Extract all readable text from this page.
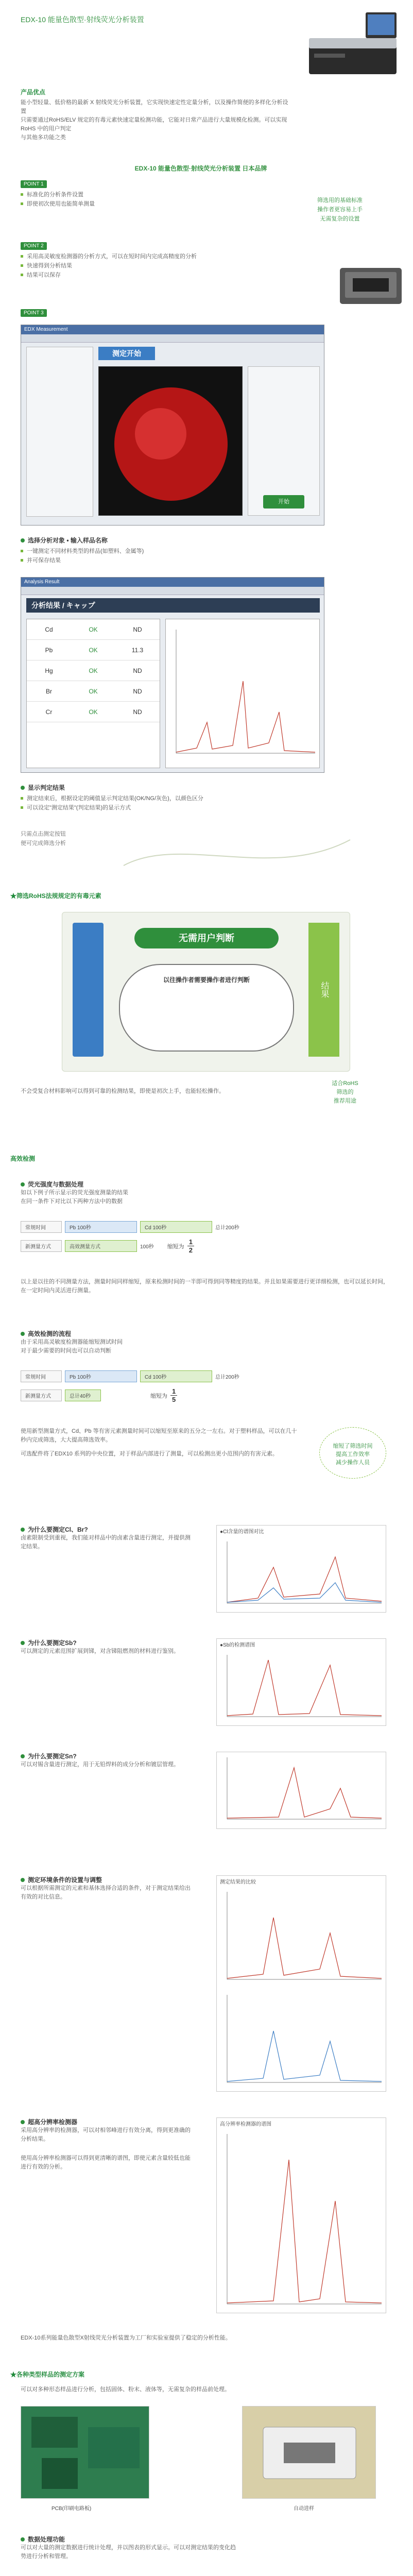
EDX-10 能量色散型·射线荧光分析装置
产品优点
能小型轻量、低价格的最新 X 射线荧光分析装置，它实现快速定性定量分析，以及操作简便的多样化分析设置
只需要通过RoHS/ELV 规定的有毒元素快速定量检测功能，它能对日常产品进行大量规模化检测。可以实现RoHS 中的用户判定
与其他多功能之类
EDX-10 能量色散型·射线荧光分析装置 日本品牌
筛选用的基础标准
操作者更容易上手
无需复杂的设置
POINT 1
标准化的分析条件设置
即使初次使用也能简单测量
POINT 2
采用高灵敏度检测器的分析方式，可以在短时间内完成高精度的分析
快速得到分析结果
结果可以保存
POINT 3
EDX Measurement
测定开始
开始
选择分析对象 • 输入样品名称
一键测定不同材料类型的样品(如塑料、金属等)
并可保存结果
Analysis Result
分析结果 / キャップ
Cd	OK	ND
Pb	OK	11.3
Hg	OK	ND
Br	OK	ND
Cr	OK	ND
显示判定结果
测定结束后，根据设定的阈值显示判定结果(OK/NG/灰色)，以颜色区分
可以设定"测定结果"(判定结果)的显示方式
只需点击测定按钮
便可完成筛选分析
★筛选RoHS法规规定的有毒元素
无需用户判断
以往操作者需要操作者进行判断
结果
不会受复合材料影响可以得到可靠的检测结果，即使是初次上手，也能轻松操作。
适合RoHS
筛选的
推荐用途
高效检测
荧光强度与数据处理
如以下例子所示显示的荧光强度测量的结果
在同一条件下对比以下两种方法中的数据
常规时间	Pb 100秒	Cd 100秒	总计200秒
新测量方式	高效测量方式	100秒 缩短为 $\frac{1}{2}$
以上是以往的不同测量方法，测量时间同样缩短，原来检测时间的一半即可得到同等精度的结果。并且如果需要进行更详细检测，也可以延长时间，在一定时间内灵活进行测量。
高效检测的流程
由于采用高灵敏度检测器能缩短测试时间
对于最少需要的时间也可以自动判断
常规时间	Pb 100秒	Cd 100秒	总计200秒
新测量方式	总计40秒	缩短为 $\frac{1}{5}$
使用新型测量方式，Cd、Pb 等有害元素测量时间可以缩短至原来的五分之一左右。对于塑料样品，可以在几十秒内完成筛选，大大提高筛选效率。
可选配件将了EDX10 系列的中央位置，对于样品内部进行了测量，可以检测出更小范围内的有害元素。
缩短了筛选时间
提高工作效率
减少操作人员
为什么要测定Cl、Br?
卤素限制受到重视，我们能对样品中的卤素含量进行测定，并提供测定结果。
●Cl含量的谱图对比
为什么要测定Sb?
可以测定的元素范围扩展到锑，对含锑阻燃剂的材料进行鉴别。
●Sb的检测谱图
为什么要测定Sn?
可以对锡含量进行测定，用于无铅焊料的成分分析和镀层管理。
测定环境条件的设置与调整
可以根据所需测定的元素和基体选择合适的条件，对于测定结果给出有效的对比信息。
测定结果的比较
超高分辨率检测器
采用高分辨率的检测器，可以对相邻峰进行有效分离，得到更准确的分析结果。
使用高分辨率检测器可以得到更清晰的谱图，即使元素含量较低也能进行有效的分析。
高分辨率检测器的谱图
EDX-10系列能量色散型X射线荧光分析装置为工厂和实验室提供了稳定的分析性能。
★各种类型样品的测定方案
可以对多种形态样品进行分析，包括固体、粉末、液体等，无需复杂的样品前处理。
PCB(印刷电路板)	自动进样
数据处理功能
可以对大量的测定数据进行统计处理，并以图表的形式显示。可以对测定结果的变化趋势进行分析和管理。
